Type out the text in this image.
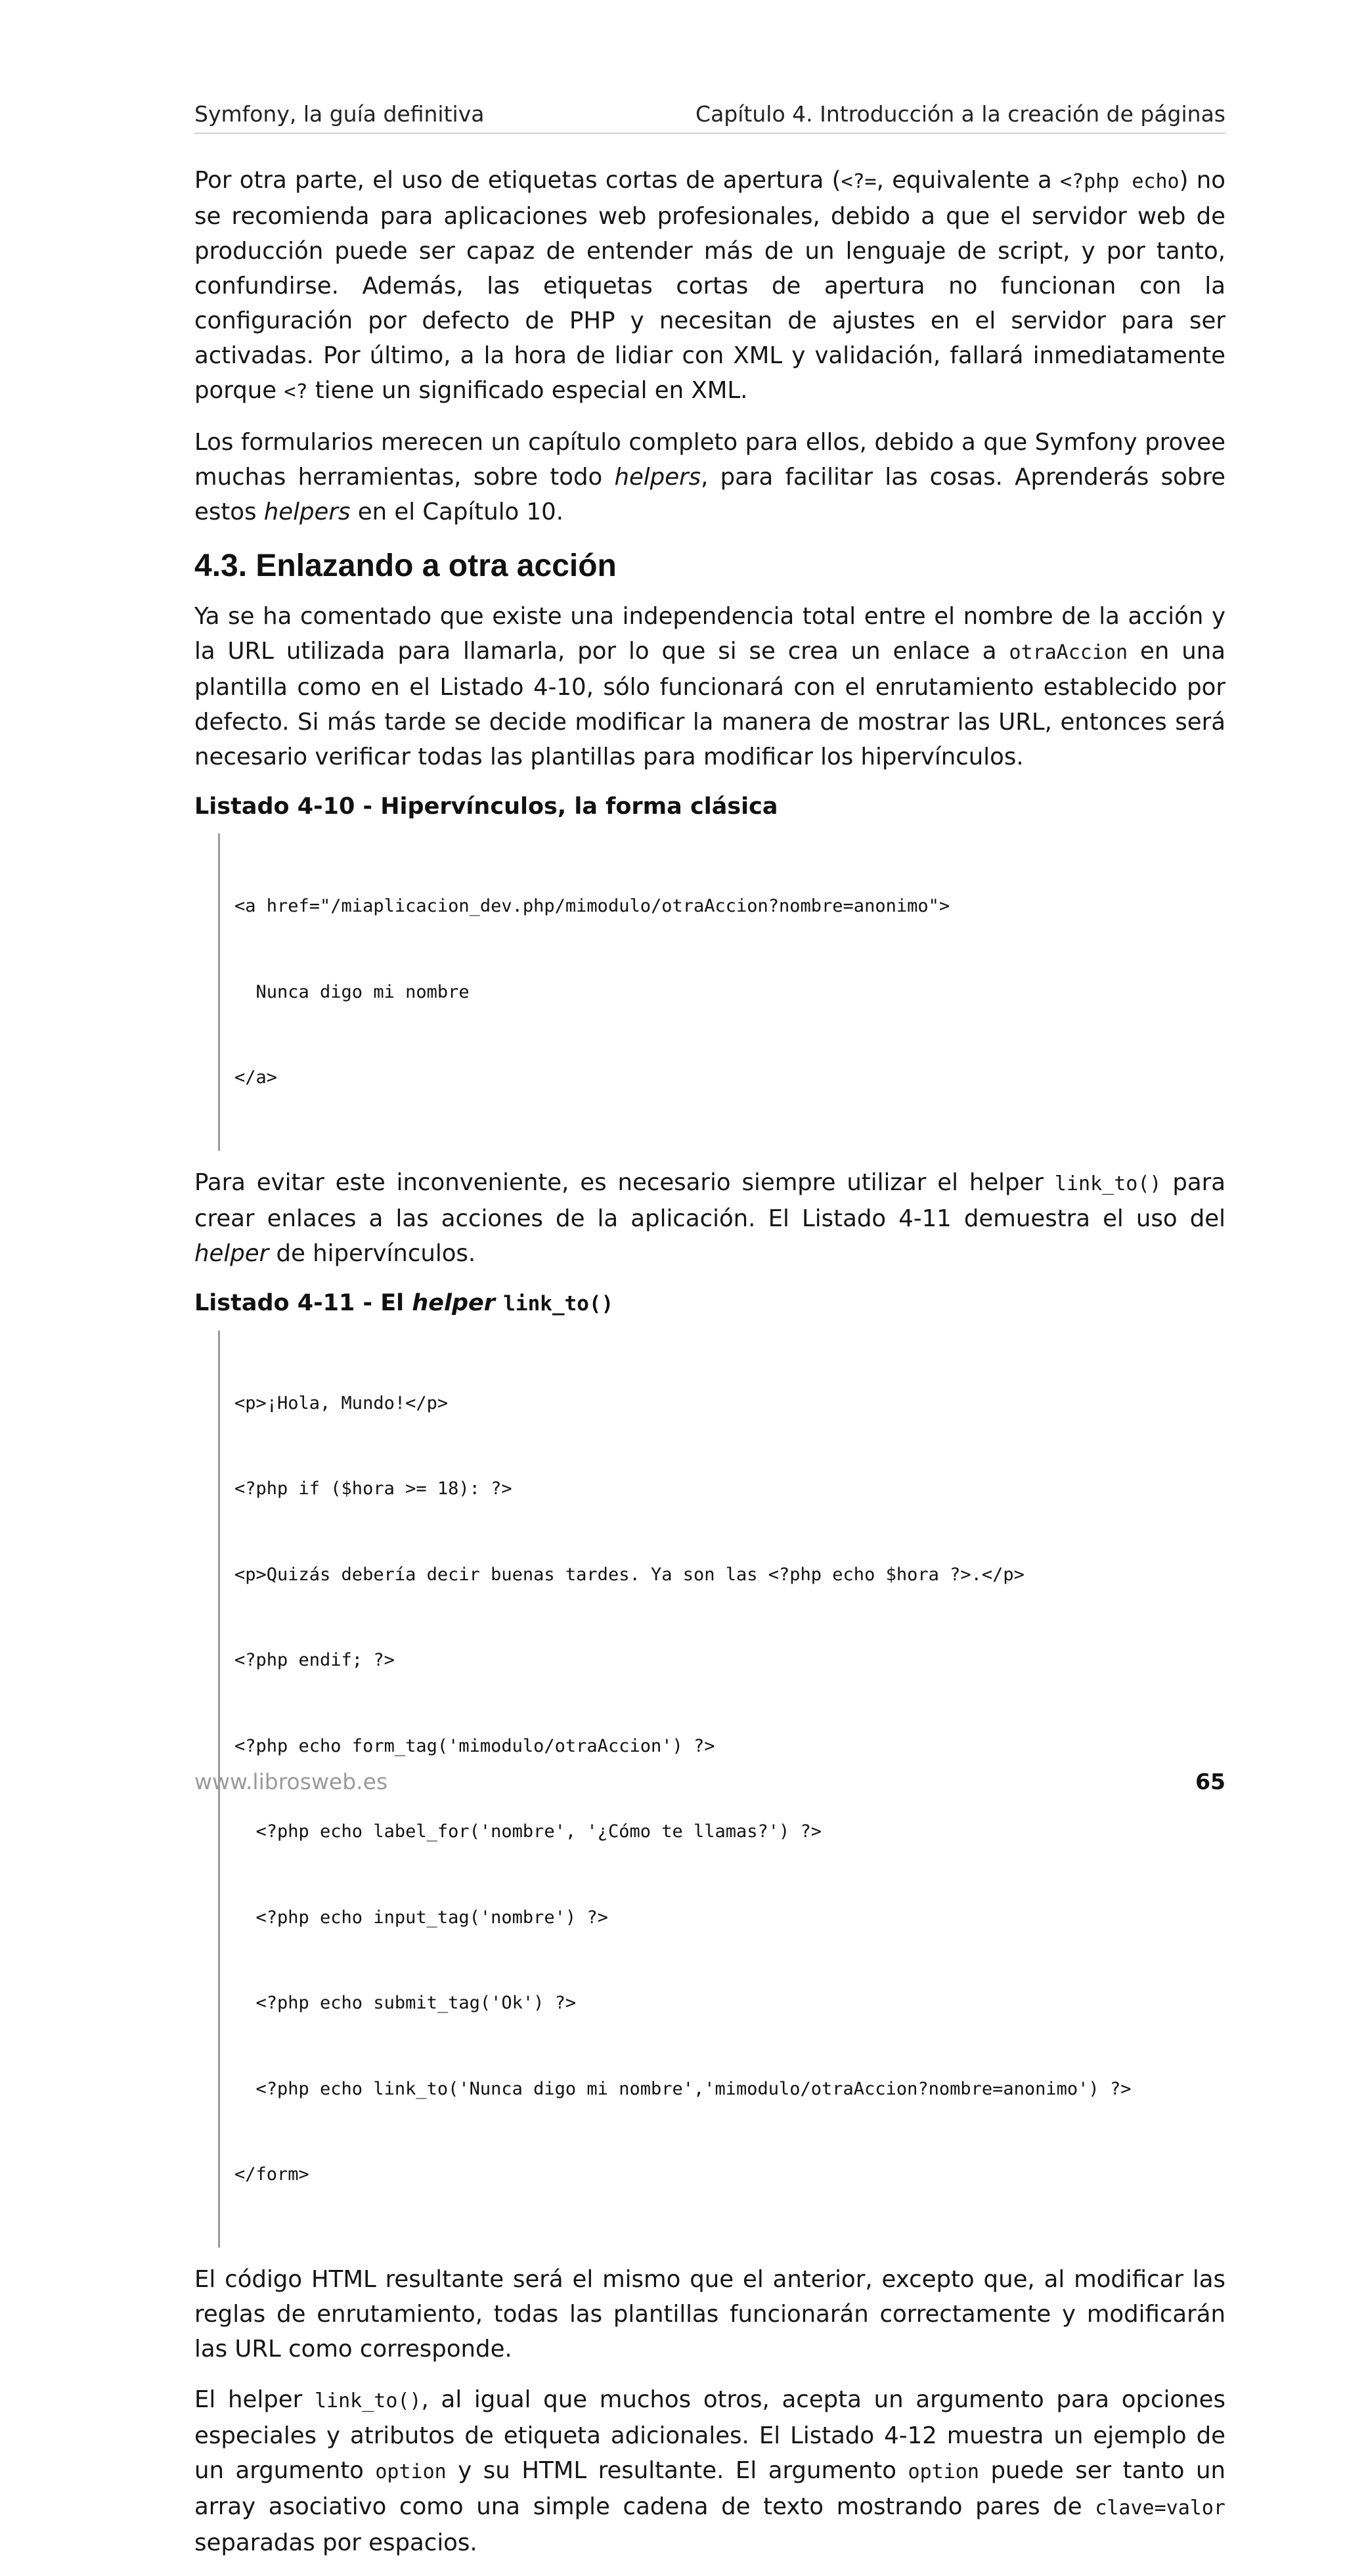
Symfony, la guía definitiva	Capítulo 4. Introducción a la creación de páginas

Por otra parte, el uso de etiquetas cortas de apertura (<?=, equivalente a <?php echo) no se recomienda para aplicaciones web profesionales, debido a que el servidor web de producción puede ser capaz de entender más de un lenguaje de script, y por tanto, confundirse. Además, las etiquetas cortas de apertura no funcionan con la configuración por defecto de PHP y necesitan de ajustes en el servidor para ser activadas. Por último, a la hora de lidiar con XML y validación, fallará inmediatamente porque <? tiene un significado especial en XML.

Los formularios merecen un capítulo completo para ellos, debido a que Symfony provee muchas herramientas, sobre todo helpers, para facilitar las cosas. Aprenderás sobre estos helpers en el Capítulo 10.

4.3. Enlazando a otra acción

Ya se ha comentado que existe una independencia total entre el nombre de la acción y la URL utilizada para llamarla, por lo que si se crea un enlace a otraAccion en una plantilla como en el Listado 4-10, sólo funcionará con el enrutamiento establecido por defecto. Si más tarde se decide modificar la manera de mostrar las URL, entonces será necesario verificar todas las plantillas para modificar los hipervínculos.

Listado 4-10 - Hipervínculos, la forma clásica

<a href="/miaplicacion_dev.php/mimodulo/otraAccion?nombre=anonimo">

Nunca digo mi nombre

</a>

Para evitar este inconveniente, es necesario siempre utilizar el helper link_to() para crear enlaces a las acciones de la aplicación. El Listado 4-11 demuestra el uso del helper de hipervínculos.

Listado 4-11 - El helper link_to()

<p>¡Hola, Mundo!</p>

<?php if ($hora >= 18): ?>

<p>Quizás debería decir buenas tardes. Ya son las <?php echo $hora ?>.</p>

<?php endif; ?>

<?php echo form_tag('mimodulo/otraAccion') ?>

<?php echo label_for('nombre', '¿Cómo te llamas?') ?>

<?php echo input_tag('nombre') ?>

<?php echo submit_tag('Ok') ?>

<?php echo link_to('Nunca digo mi nombre','mimodulo/otraAccion?nombre=anonimo') ?>

</form>

El código HTML resultante será el mismo que el anterior, excepto que, al modificar las reglas de enrutamiento, todas las plantillas funcionarán correctamente y modificarán las URL como corresponde.

El helper link_to(), al igual que muchos otros, acepta un argumento para opciones especiales y atributos de etiqueta adicionales. El Listado 4-12 muestra un ejemplo de un argumento option y su HTML resultante. El argumento option puede ser tanto un array asociativo como una simple cadena de texto mostrando pares de clave=valor separadas por espacios.

www.librosweb.es	65
